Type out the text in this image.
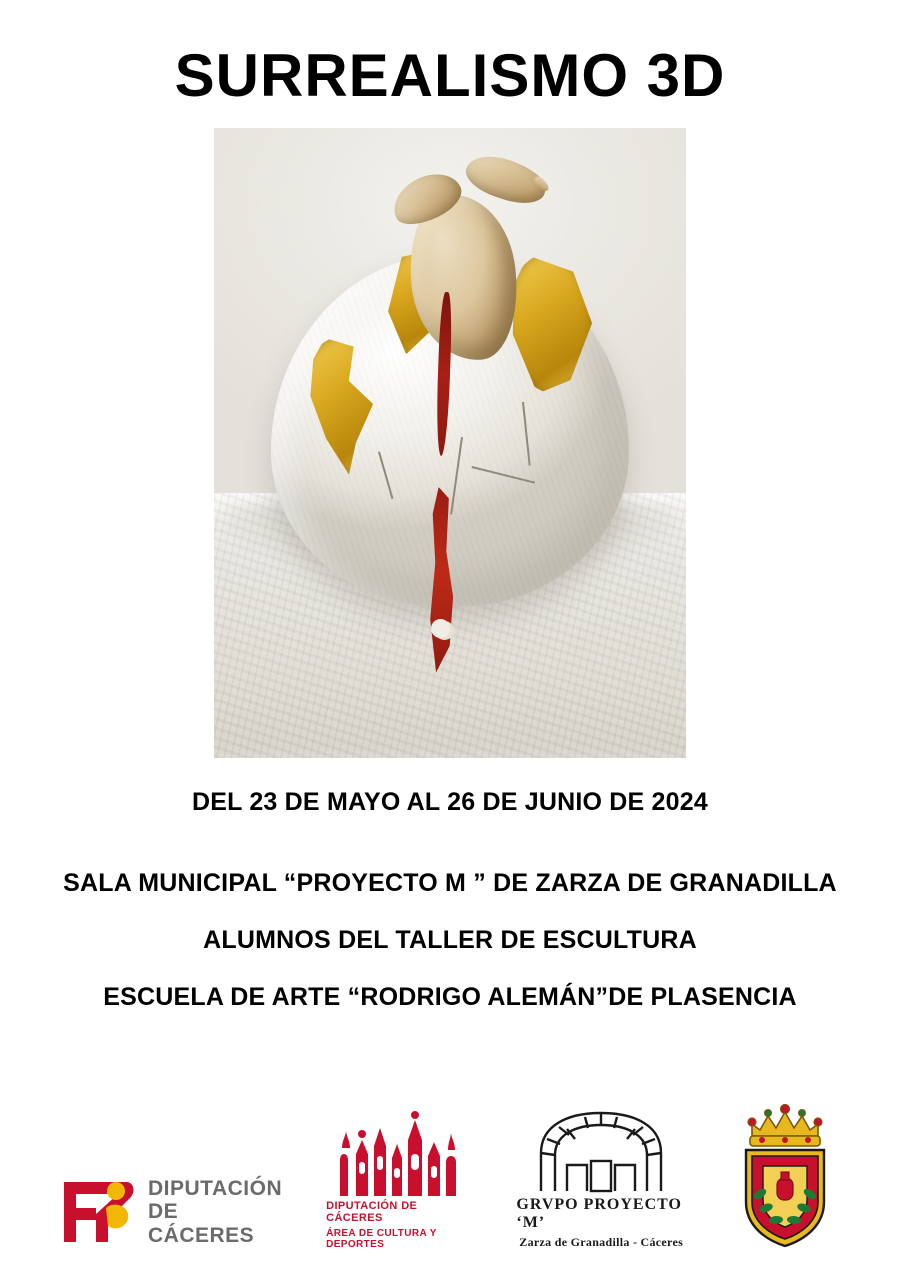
SURREALISMO 3D
DEL 23 DE MAYO AL 26 DE JUNIO DE 2024
SALA MUNICIPAL “PROYECTO M ” DE ZARZA DE GRANADILLA
ALUMNOS DEL TALLER DE ESCULTURA
ESCUELA DE ARTE “RODRIGO ALEMÁN”DE PLASENCIA
DIPUTACIÓN
DE CÁCERES
DIPUTACIÓN DE CÁCERES
ÁREA DE CULTURA Y DEPORTES
GRVPO PROYECTO ‘M’
Zarza de Granadilla - Cáceres
